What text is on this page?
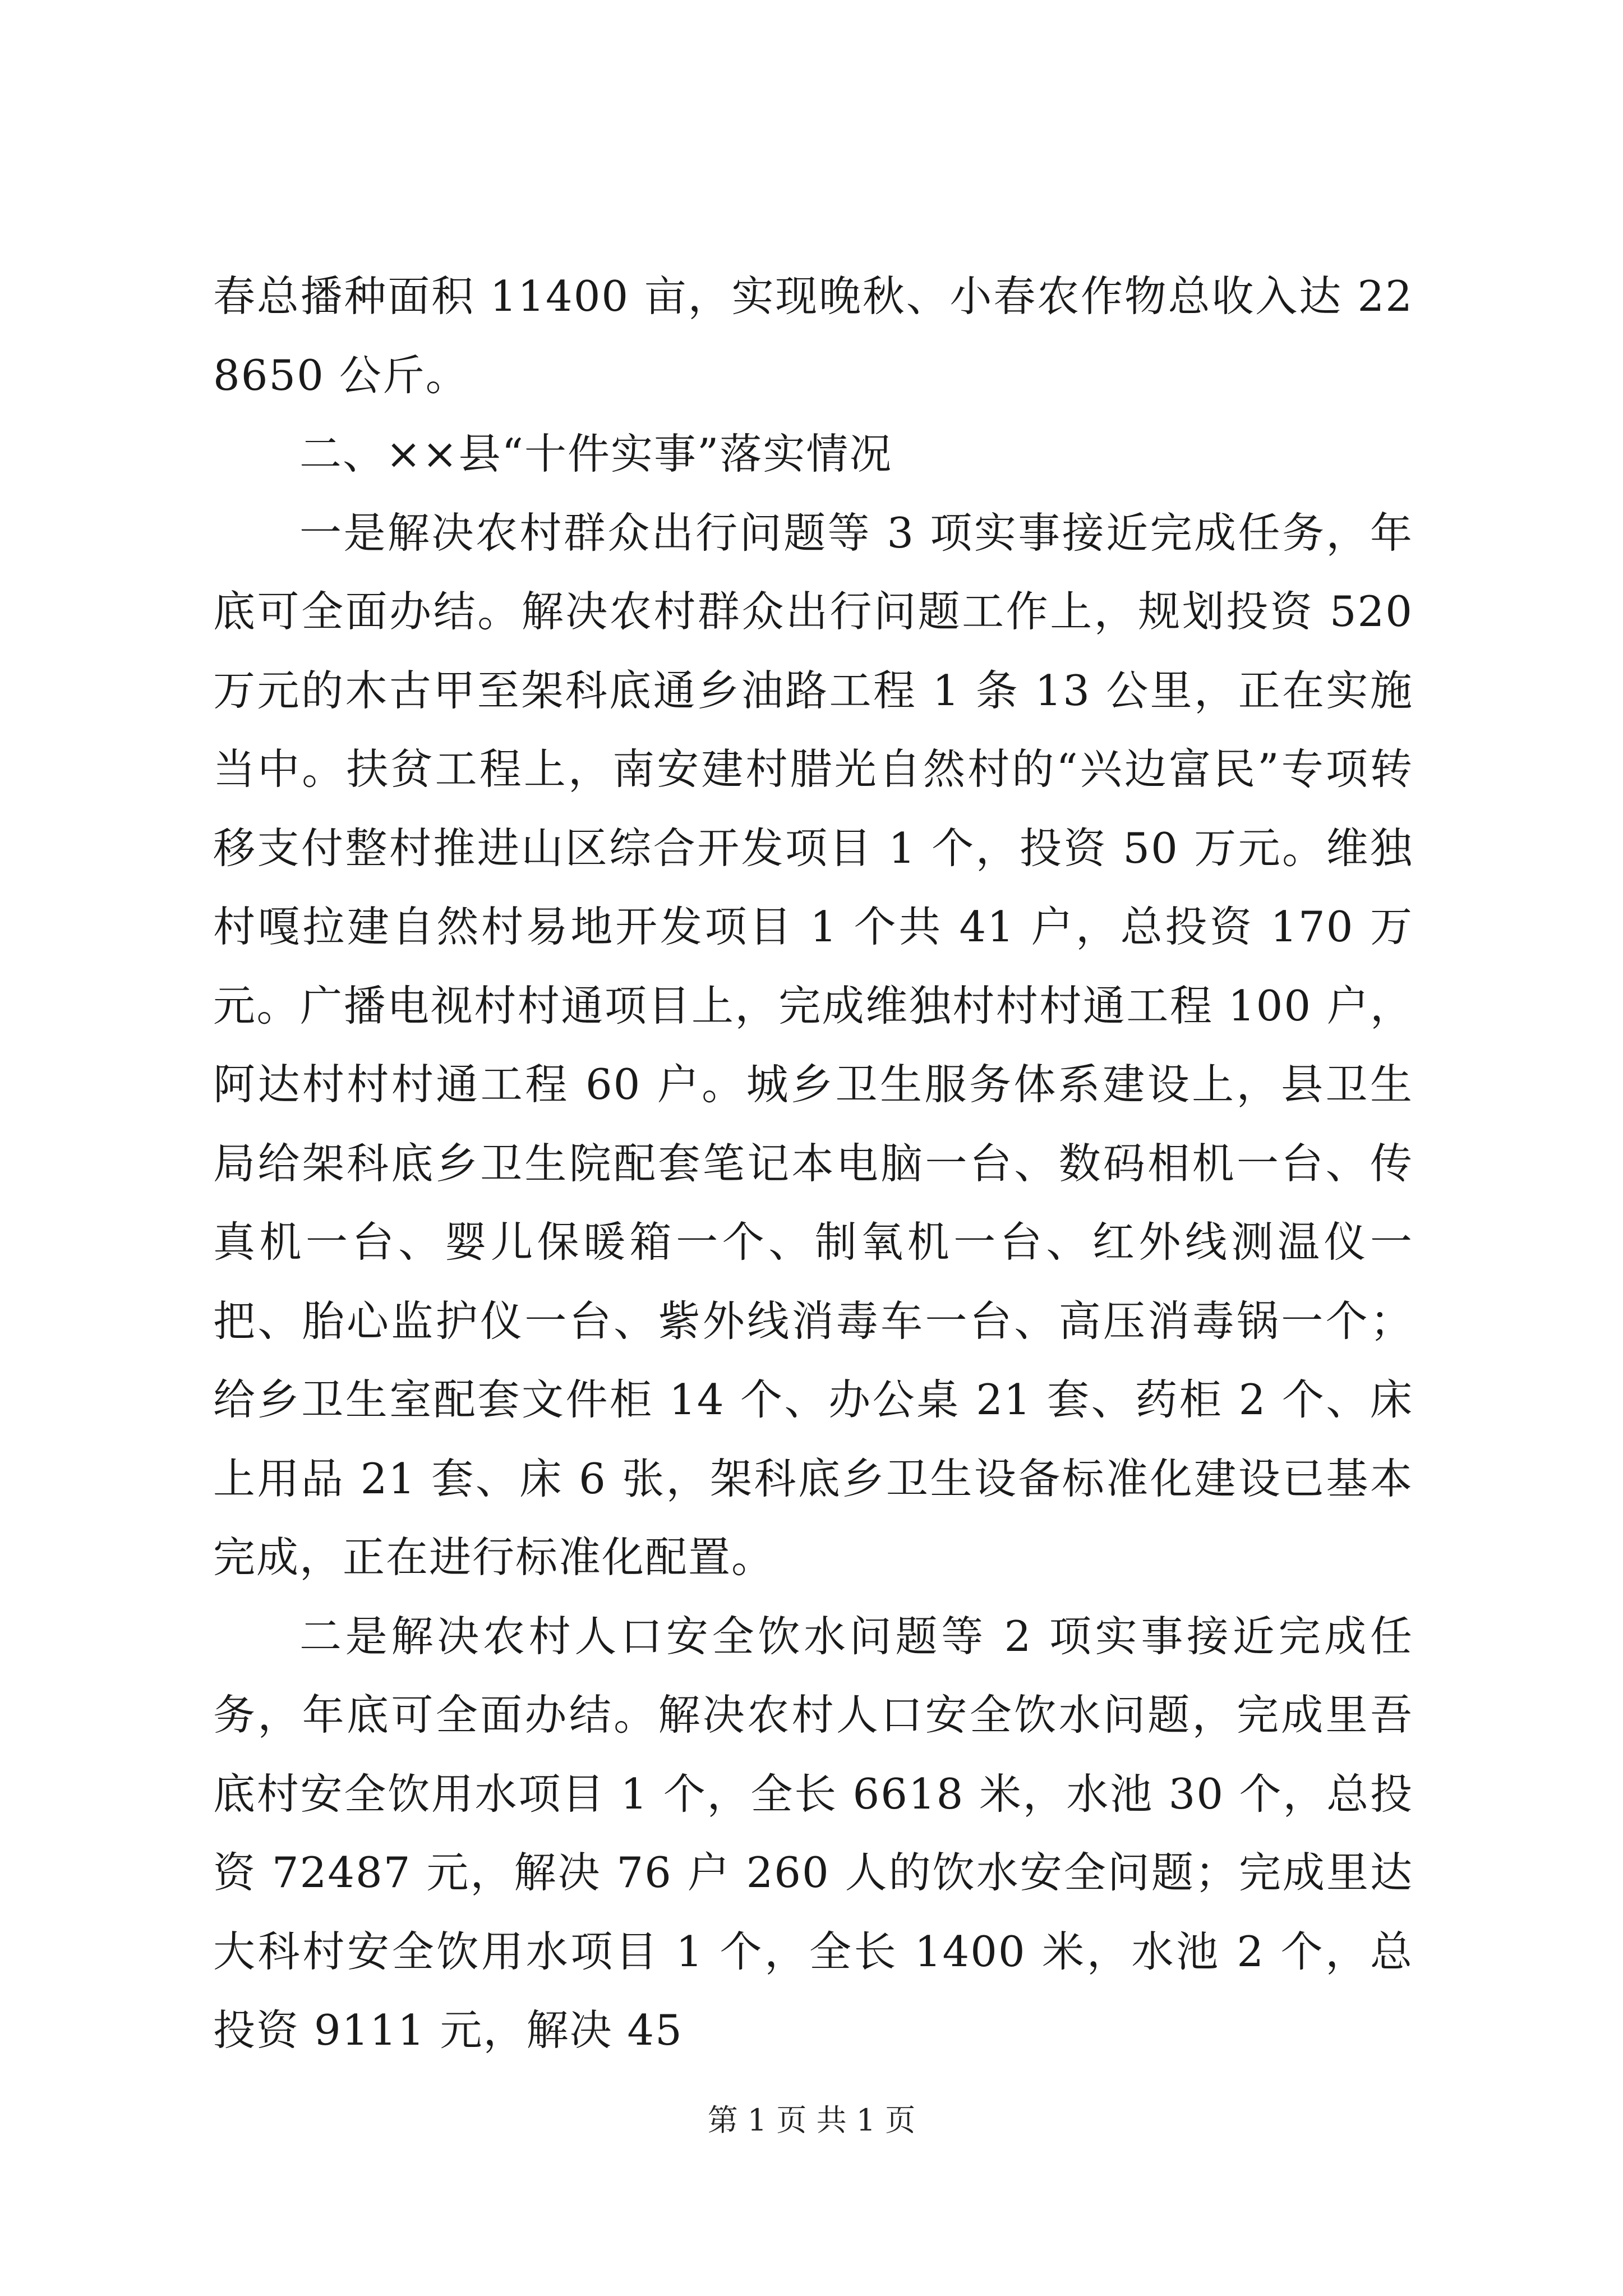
春总播种面积 11400 亩，实现晚秋、小春农作物总收入达 228650 公斤。

二、××县“十件实事”落实情况

一是解决农村群众出行问题等 3 项实事接近完成任务，年底可全面办结。解决农村群众出行问题工作上，规划投资 520 万元的木古甲至架科底通乡油路工程 1 条 13 公里，正在实施当中。扶贫工程上，南安建村腊光自然村的“兴边富民”专项转移支付整村推进山区综合开发项目 1 个，投资 50 万元。维独村嘎拉建自然村易地开发项目 1 个共 41 户，总投资 170 万元。广播电视村村通项目上，完成维独村村村通工程 100 户，阿达村村村通工程 60 户。城乡卫生服务体系建设上，县卫生局给架科底乡卫生院配套笔记本电脑一台、数码相机一台、传真机一台、婴儿保暖箱一个、制氧机一台、红外线测温仪一把、胎心监护仪一台、紫外线消毒车一台、高压消毒锅一个；给乡卫生室配套文件柜 14 个、办公桌 21 套、药柜 2 个、床上用品 21 套、床 6 张，架科底乡卫生设备标准化建设已基本完成，正在进行标准化配置。

二是解决农村人口安全饮水问题等 2 项实事接近完成任务，年底可全面办结。解决农村人口安全饮水问题，完成里吾底村安全饮用水项目 1 个，全长 6618 米，水池 30 个，总投资 72487 元，解决 76 户 260 人的饮水安全问题；完成里达大科村安全饮用水项目 1 个，全长 1400 米，水池 2 个，总投资 9111 元，解决 45

第 1 页 共 1 页
